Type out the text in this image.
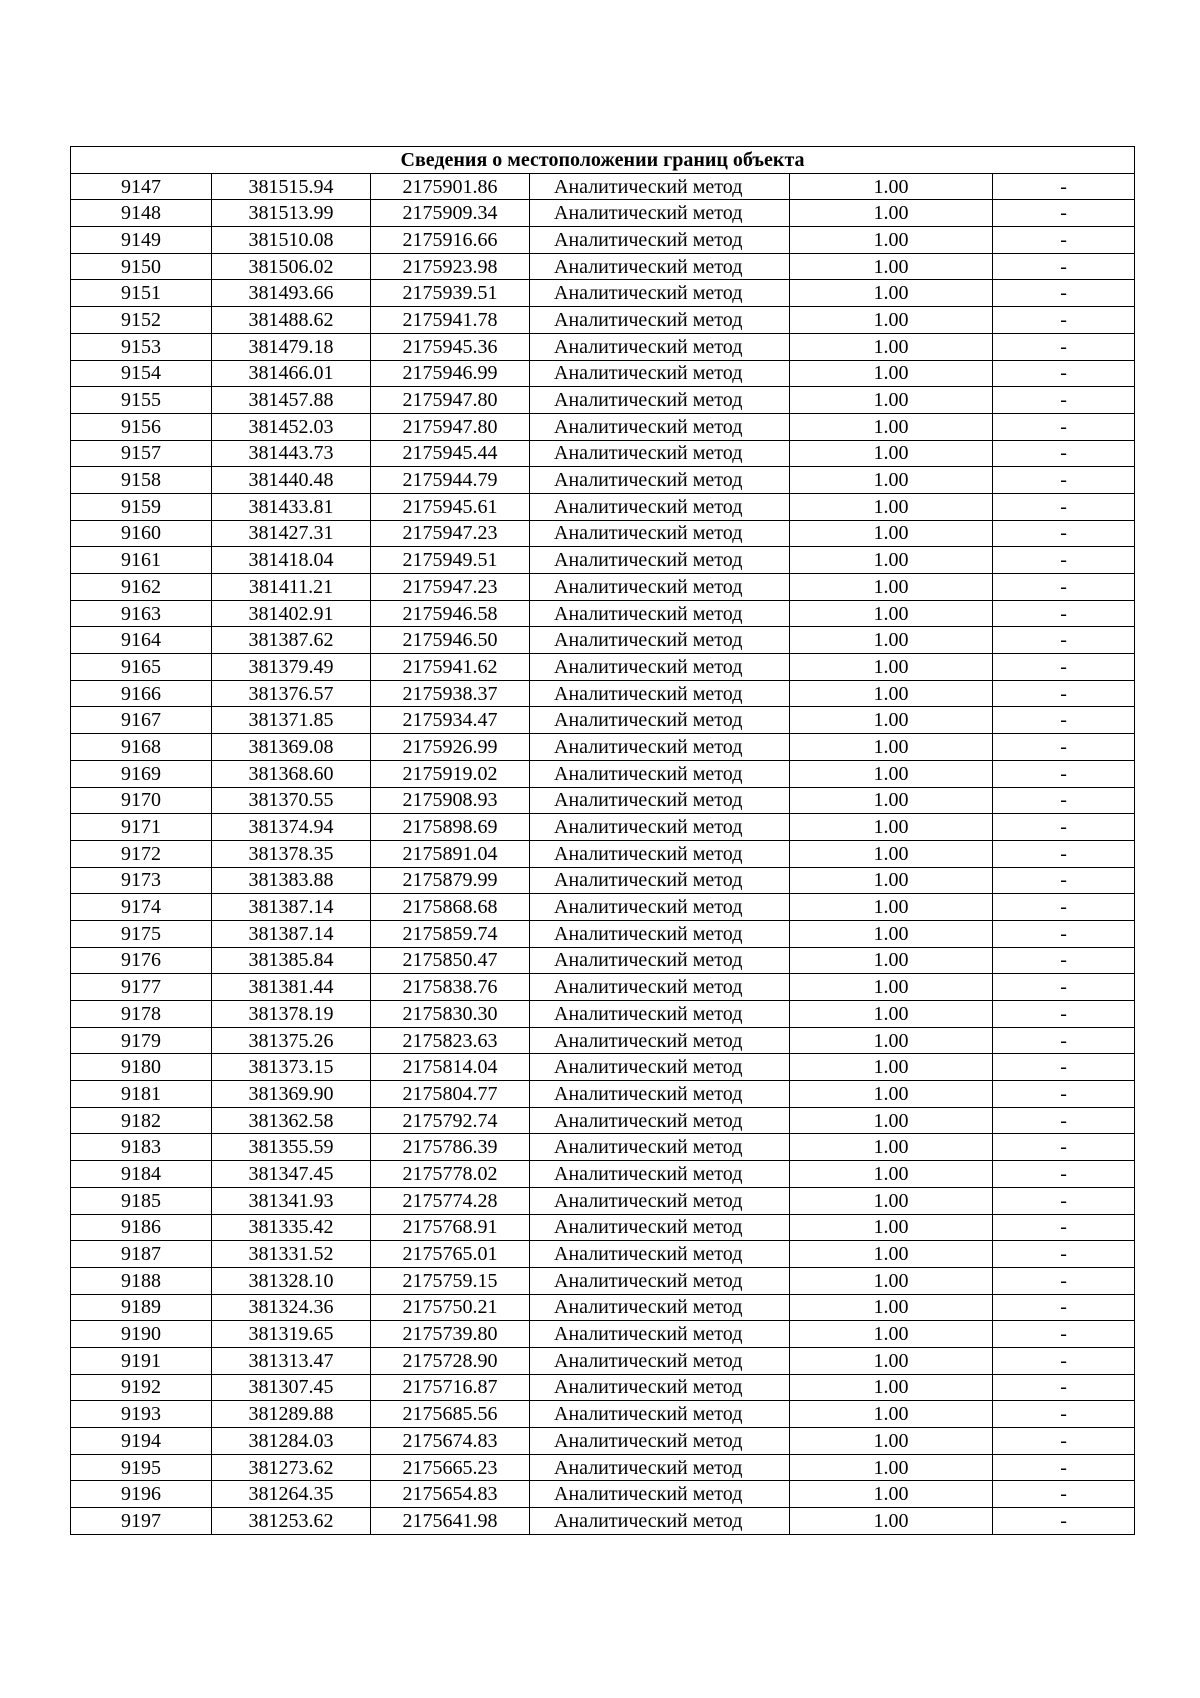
Сведения о местоположении границ объекта					
9147	381515.94	2175901.86	Аналитический метод	1.00	-
9148	381513.99	2175909.34	Аналитический метод	1.00	-
9149	381510.08	2175916.66	Аналитический метод	1.00	-
9150	381506.02	2175923.98	Аналитический метод	1.00	-
9151	381493.66	2175939.51	Аналитический метод	1.00	-
9152	381488.62	2175941.78	Аналитический метод	1.00	-
9153	381479.18	2175945.36	Аналитический метод	1.00	-
9154	381466.01	2175946.99	Аналитический метод	1.00	-
9155	381457.88	2175947.80	Аналитический метод	1.00	-
9156	381452.03	2175947.80	Аналитический метод	1.00	-
9157	381443.73	2175945.44	Аналитический метод	1.00	-
9158	381440.48	2175944.79	Аналитический метод	1.00	-
9159	381433.81	2175945.61	Аналитический метод	1.00	-
9160	381427.31	2175947.23	Аналитический метод	1.00	-
9161	381418.04	2175949.51	Аналитический метод	1.00	-
9162	381411.21	2175947.23	Аналитический метод	1.00	-
9163	381402.91	2175946.58	Аналитический метод	1.00	-
9164	381387.62	2175946.50	Аналитический метод	1.00	-
9165	381379.49	2175941.62	Аналитический метод	1.00	-
9166	381376.57	2175938.37	Аналитический метод	1.00	-
9167	381371.85	2175934.47	Аналитический метод	1.00	-
9168	381369.08	2175926.99	Аналитический метод	1.00	-
9169	381368.60	2175919.02	Аналитический метод	1.00	-
9170	381370.55	2175908.93	Аналитический метод	1.00	-
9171	381374.94	2175898.69	Аналитический метод	1.00	-
9172	381378.35	2175891.04	Аналитический метод	1.00	-
9173	381383.88	2175879.99	Аналитический метод	1.00	-
9174	381387.14	2175868.68	Аналитический метод	1.00	-
9175	381387.14	2175859.74	Аналитический метод	1.00	-
9176	381385.84	2175850.47	Аналитический метод	1.00	-
9177	381381.44	2175838.76	Аналитический метод	1.00	-
9178	381378.19	2175830.30	Аналитический метод	1.00	-
9179	381375.26	2175823.63	Аналитический метод	1.00	-
9180	381373.15	2175814.04	Аналитический метод	1.00	-
9181	381369.90	2175804.77	Аналитический метод	1.00	-
9182	381362.58	2175792.74	Аналитический метод	1.00	-
9183	381355.59	2175786.39	Аналитический метод	1.00	-
9184	381347.45	2175778.02	Аналитический метод	1.00	-
9185	381341.93	2175774.28	Аналитический метод	1.00	-
9186	381335.42	2175768.91	Аналитический метод	1.00	-
9187	381331.52	2175765.01	Аналитический метод	1.00	-
9188	381328.10	2175759.15	Аналитический метод	1.00	-
9189	381324.36	2175750.21	Аналитический метод	1.00	-
9190	381319.65	2175739.80	Аналитический метод	1.00	-
9191	381313.47	2175728.90	Аналитический метод	1.00	-
9192	381307.45	2175716.87	Аналитический метод	1.00	-
9193	381289.88	2175685.56	Аналитический метод	1.00	-
9194	381284.03	2175674.83	Аналитический метод	1.00	-
9195	381273.62	2175665.23	Аналитический метод	1.00	-
9196	381264.35	2175654.83	Аналитический метод	1.00	-
9197	381253.62	2175641.98	Аналитический метод	1.00	-
